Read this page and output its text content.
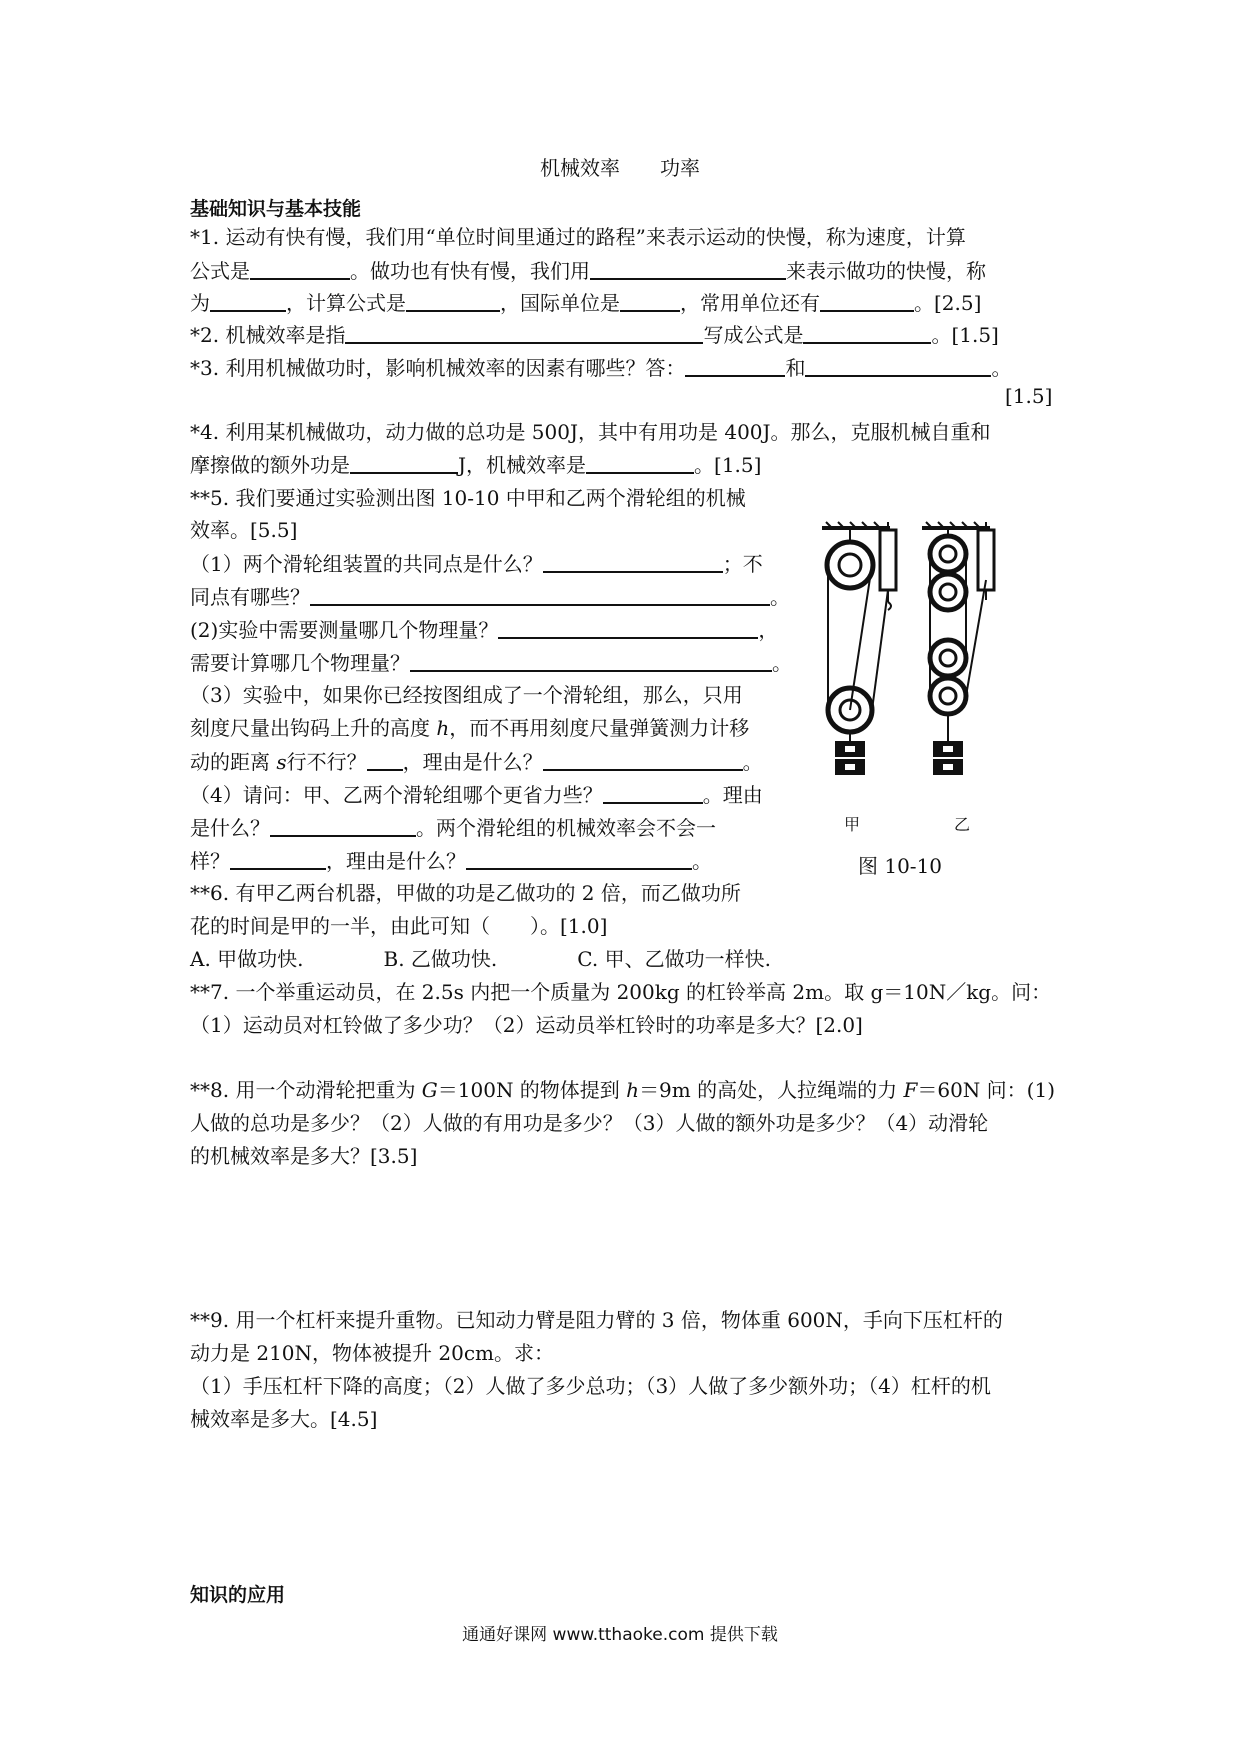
机械效率　　功率
基础知识与基本技能
*1. 运动有快有慢，我们用“单位时间里通过的路程”来表示运动的快慢，称为速度，计算
公式是	。做功也有快有慢，我们用	来表示做功的快慢，称
为	，计算公式是	，国际单位是	，常用单位还有	。[2.5]
*2. 机械效率是指	写成公式是	。[1.5]
*3. 利用机械做功时，影响机械效率的因素有哪些？答：	和	。
[1.5]
*4. 利用某机械做功，动力做的总功是 500J，其中有用功是 400J。那么，克服机械自重和
摩擦做的额外功是	J，机械效率是	。[1.5]
**5. 我们要通过实验测出图 10-10 中甲和乙两个滑轮组的机械
效率。[5.5]
（1）两个滑轮组装置的共同点是什么？	；不
同点有哪些？	。
(2)实验中需要测量哪几个物理量？	，
需要计算哪几个物理量？	。
（3）实验中，如果你已经按图组成了一个滑轮组，那么，只用
刻度尺量出钩码上升的高度 h，而不再用刻度尺量弹簧测力计移
动的距离 s行不行？ ，理由是什么？	。
（4）请问：甲、乙两个滑轮组哪个更省力些？	。理由
是什么？	。两个滑轮组的机械效率会不会一
样？	，理由是什么？	。
甲	乙
图 10-10
**6. 有甲乙两台机器，甲做的功是乙做功的 2 倍，而乙做功所
花的时间是甲的一半，由此可知（　　）。[1.0]
A. 甲做功快.	B. 乙做功快.	C. 甲、乙做功一样快.
**7. 一个举重运动员，在 2.5s 内把一个质量为 200kg 的杠铃举高 2m。取 g＝10N／kg。问：
（1）运动员对杠铃做了多少功？（2）运动员举杠铃时的功率是多大？[2.0]
**8. 用一个动滑轮把重为 G＝100N 的物体提到 h＝9m 的高处，人拉绳端的力 F＝60N 问：(1)
人做的总功是多少？（2）人做的有用功是多少？（3）人做的额外功是多少？（4）动滑轮
的机械效率是多大？[3.5]
**9. 用一个杠杆来提升重物。已知动力臂是阻力臂的 3 倍，物体重 600N，手向下压杠杆的
动力是 210N，物体被提升 20cm。求：
（1）手压杠杆下降的高度；（2）人做了多少总功；（3）人做了多少额外功；（4）杠杆的机
械效率是多大。[4.5]
知识的应用
通通好课网 www.tthaoke.com 提供下载
